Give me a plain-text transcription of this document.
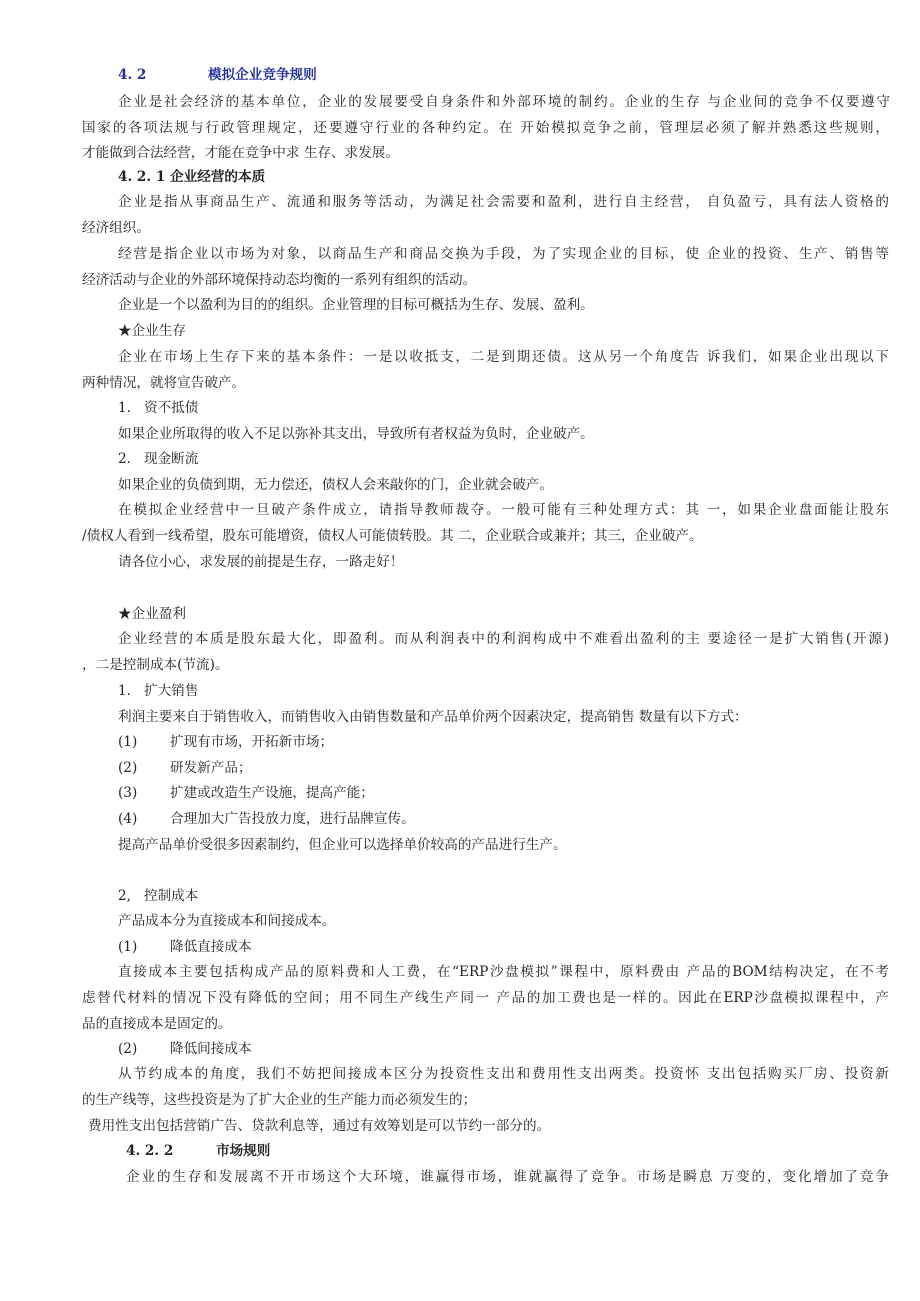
4. 2	模拟企业竞争规则
企业是社会经济的基本单位，企业的发展要受自身条件和外部环境的制约。企业的生存 与企业间的竞争不仅要遵守
国家的各项法规与行政管理规定，还要遵守行业的各种约定。在 开始模拟竞争之前，管理层必须了解并熟悉这些规则，
才能做到合法经营，才能在竞争中求 生存、求发展。
4. 2. 1 企业经营的本质
企业是指从事商品生产、流通和服务等活动，为满足社会需要和盈利，进行自主经营， 自负盈亏，具有法人资格的
经济组织。
经营是指企业以市场为对象，以商品生产和商品交换为手段，为了实现企业的目标，使 企业的投资、生产、销售等
经济活动与企业的外部环境保持动态均衡的一系列有组织的活动。
企业是一个以盈利为目的的组织。企业管理的目标可概括为生存、发展、盈利。
★企业生存
企业在市场上生存下来的基本条件：一是以收抵支，二是到期还债。这从另一个角度告 诉我们，如果企业出现以下
两种情况，就将宣告破产。
1. 资不抵债
如果企业所取得的收入不足以弥补其支出，导致所有者权益为负时，企业破产。
2. 现金断流
如果企业的负债到期，无力偿还，债权人会来敲你的门，企业就会破产。
在模拟企业经营中一旦破产条件成立，请指导教师裁夺。一般可能有三种处理方式：其 一，如果企业盘面能让股东
/债权人看到一线希望，股东可能增资，债权人可能债转股。其 二，企业联合或兼并；其三，企业破产。
请各位小心，求发展的前提是生存，一路走好！
★企业盈利
企业经营的本质是股东最大化，即盈利。而从利润表中的利润构成中不难看出盈利的主 要途径一是扩大销售(开源)
，二是控制成本(节流)。
1. 扩大销售
利润主要来自于销售收入，而销售收入由销售数量和产品单价两个因素决定，提高销售 数量有以下方式：
(1) 扩现有市场，开拓新市场；
(2) 研发新产品；
(3) 扩建或改造生产设施，提高产能；
(4) 合理加大广告投放力度，进行品牌宣传。
提高产品单价受很多因素制约，但企业可以选择单价较高的产品进行生产。
2, 控制成本
产品成本分为直接成本和间接成本。
(1) 降低直接成本
直接成本主要包括构成产品的原料费和人工费，在“ERP沙盘模拟”课程中，原料费由 产品的BOM结构决定，在不考
虑替代材料的情况下没有降低的空间；用不同生产线生产同一 产品的加工费也是一样的。因此在ERP沙盘模拟课程中，产
品的直接成本是固定的。
(2) 降低间接成本
从节约成本的角度，我们不妨把间接成本区分为投资性支出和费用性支出两类。投资怀 支出包括购买厂房、投资新
的生产线等，这些投资是为了扩大企业的生产能力而必须发生的；
费用性支出包括营销广告、贷款利息等，通过有效筹划是可以节约一部分的。
4. 2. 2	市场规则
企业的生存和发展离不开市场这个大环境，谁赢得市场，谁就赢得了竞争。市场是瞬息 万变的，变化增加了竞争
